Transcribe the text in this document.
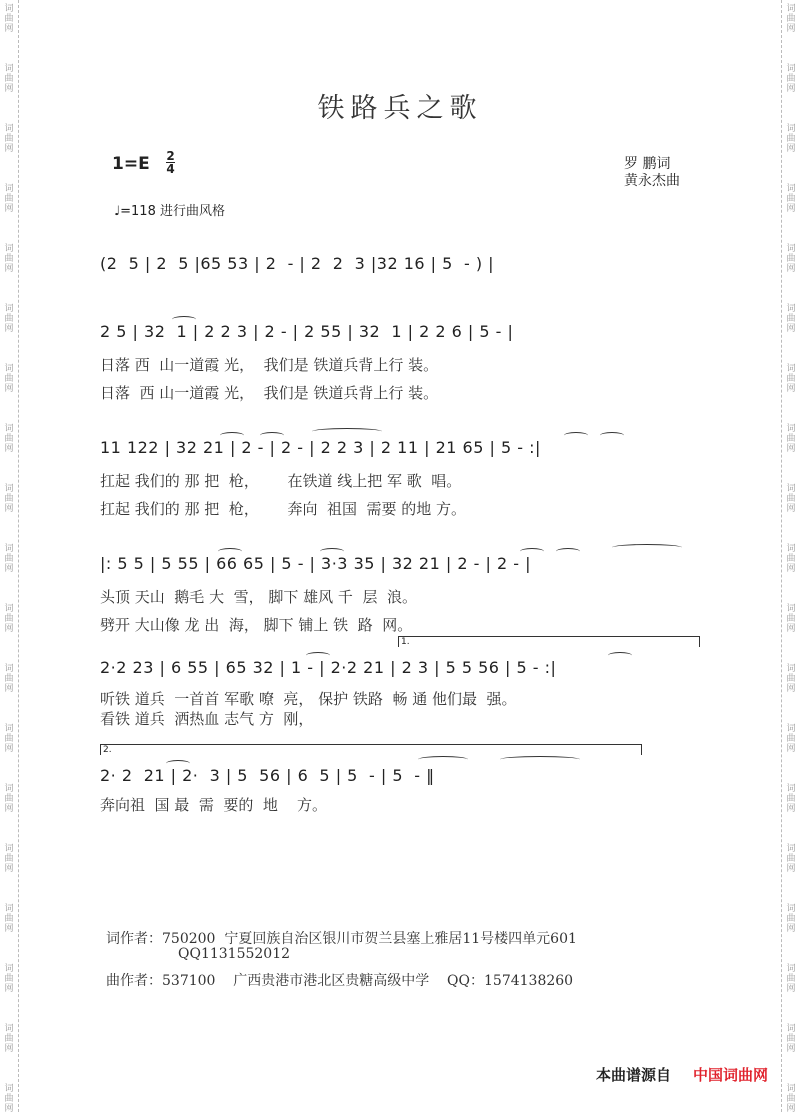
词
曲
网
词
曲
网
词
曲
网
词
曲
网
词
曲
网
词
曲
网
词
曲
网
词
曲
网
词
曲
网
词
曲
网
词
曲
网
词
曲
网
词
曲
网
词
曲
网
词
曲
网
词
曲
网
词
曲
网
词
曲
网
词
曲
网
词
曲
网
词
曲
网
词
曲
网
词
曲
网
词
曲
网
词
曲
网
词
曲
网
词
曲
网
词
曲
网
词
曲
网
词
曲
网
词
曲
网
词
曲
网
词
曲
网
词
曲
网
词
曲
网
词
曲
网
词
曲
网
词
曲
网
铁路兵之歌
1=E 2
4	罗 鹏词
黄永杰曲
♩=118 进行曲风格
(2  5 | 2  5 |65 53 | 2  - | 2  2  3 |32 16 | 5  - ) |
2 5 | 32  1 | 2 2 3 | 2 - | 2 55 | 32  1 | 2 2 6 | 5 - |
日落 西  山一道霞 光，  我们是 铁道兵背上行 装。
日落  西 山一道霞 光，  我们是 铁道兵背上行 装。
11 122 | 32 21 | 2 - | 2 - | 2 2 3 | 2 11 | 21 65 | 5 - :|
扛起 我们的 那 把  枪，      在铁道 线上把 军 歌  唱。
扛起 我们的 那 把  枪，      奔向  祖国  需要 的地 方。
|: 5 5 | 5 55 | 66 65 | 5 - | 3·3 35 | 32 21 | 2 - | 2 - |
头顶 天山  鹅毛 大  雪， 脚下 雄风 千  层  浪。
劈开 大山像 龙 出  海， 脚下 铺上 铁  路  网。
1.
2·2 23 | 6 55 | 65 32 | 1 - | 2·2 21 | 2 3 | 5 5 56 | 5 - :|
听铁 道兵  一首首 军歌 嘹  亮， 保护 铁路  畅 通 他们最  强。
看铁 道兵  洒热血 志气 方  刚，
2.
2· 2  21 | 2·  3 | 5  56 | 6  5 | 5  - | 5  - ‖
奔向祖  国 最  需  要的  地    方。
词作者：750200  宁夏回族自治区银川市贺兰县塞上雅居11号楼四单元601
QQ1131552012
曲作者：537100    广西贵港市港北区贵糖高级中学    QQ：1574138260
本曲谱源自 中国词曲网
